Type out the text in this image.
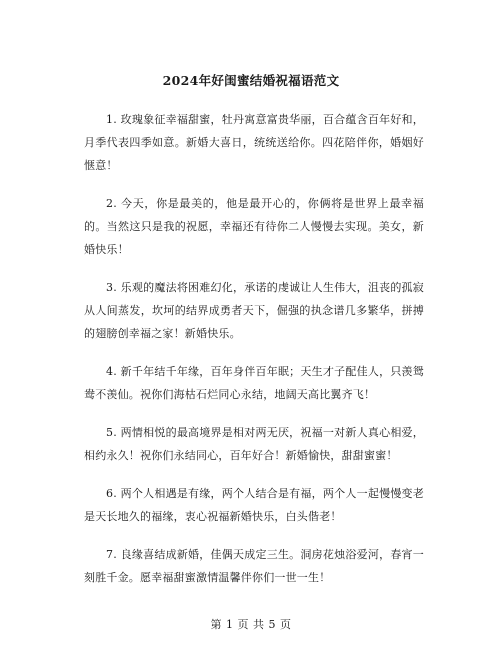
2024年好闺蜜结婚祝福语范文

1. 玫瑰象征幸福甜蜜，牡丹寓意富贵华丽，百合蕴含百年好和，月季代表四季如意。新婚大喜日，统统送给你。四花陪伴你，婚姻好惬意！

2. 今天，你是最美的，他是最开心的，你俩将是世界上最幸福的。当然这只是我的祝愿，幸福还有待你二人慢慢去实现。美女，新婚快乐！

3. 乐观的魔法将困难幻化，承诺的虔诚让人生伟大，沮丧的孤寂从人间蒸发，坎坷的结界成勇者天下，倔强的执念谱几多繁华，拼搏的翅膀创幸福之家！新婚快乐。

4. 新千年结千年缘，百年身伴百年眠；天生才子配佳人，只羡鸳鸯不羡仙。祝你们海枯石烂同心永结，地阔天高比翼齐飞！

5. 两情相悦的最高境界是相对两无厌，祝福一对新人真心相爱，相约永久！祝你们永结同心，百年好合！新婚愉快，甜甜蜜蜜！

6. 两个人相遇是有缘，两个人结合是有福，两个人一起慢慢变老是天长地久的福缘，衷心祝福新婚快乐，白头偕老！

7. 良缘喜结成新婚，佳偶天成定三生。洞房花烛浴爱河，春宵一刻胜千金。愿幸福甜蜜激情温馨伴你们一世一生！

第 1 页 共 5 页
